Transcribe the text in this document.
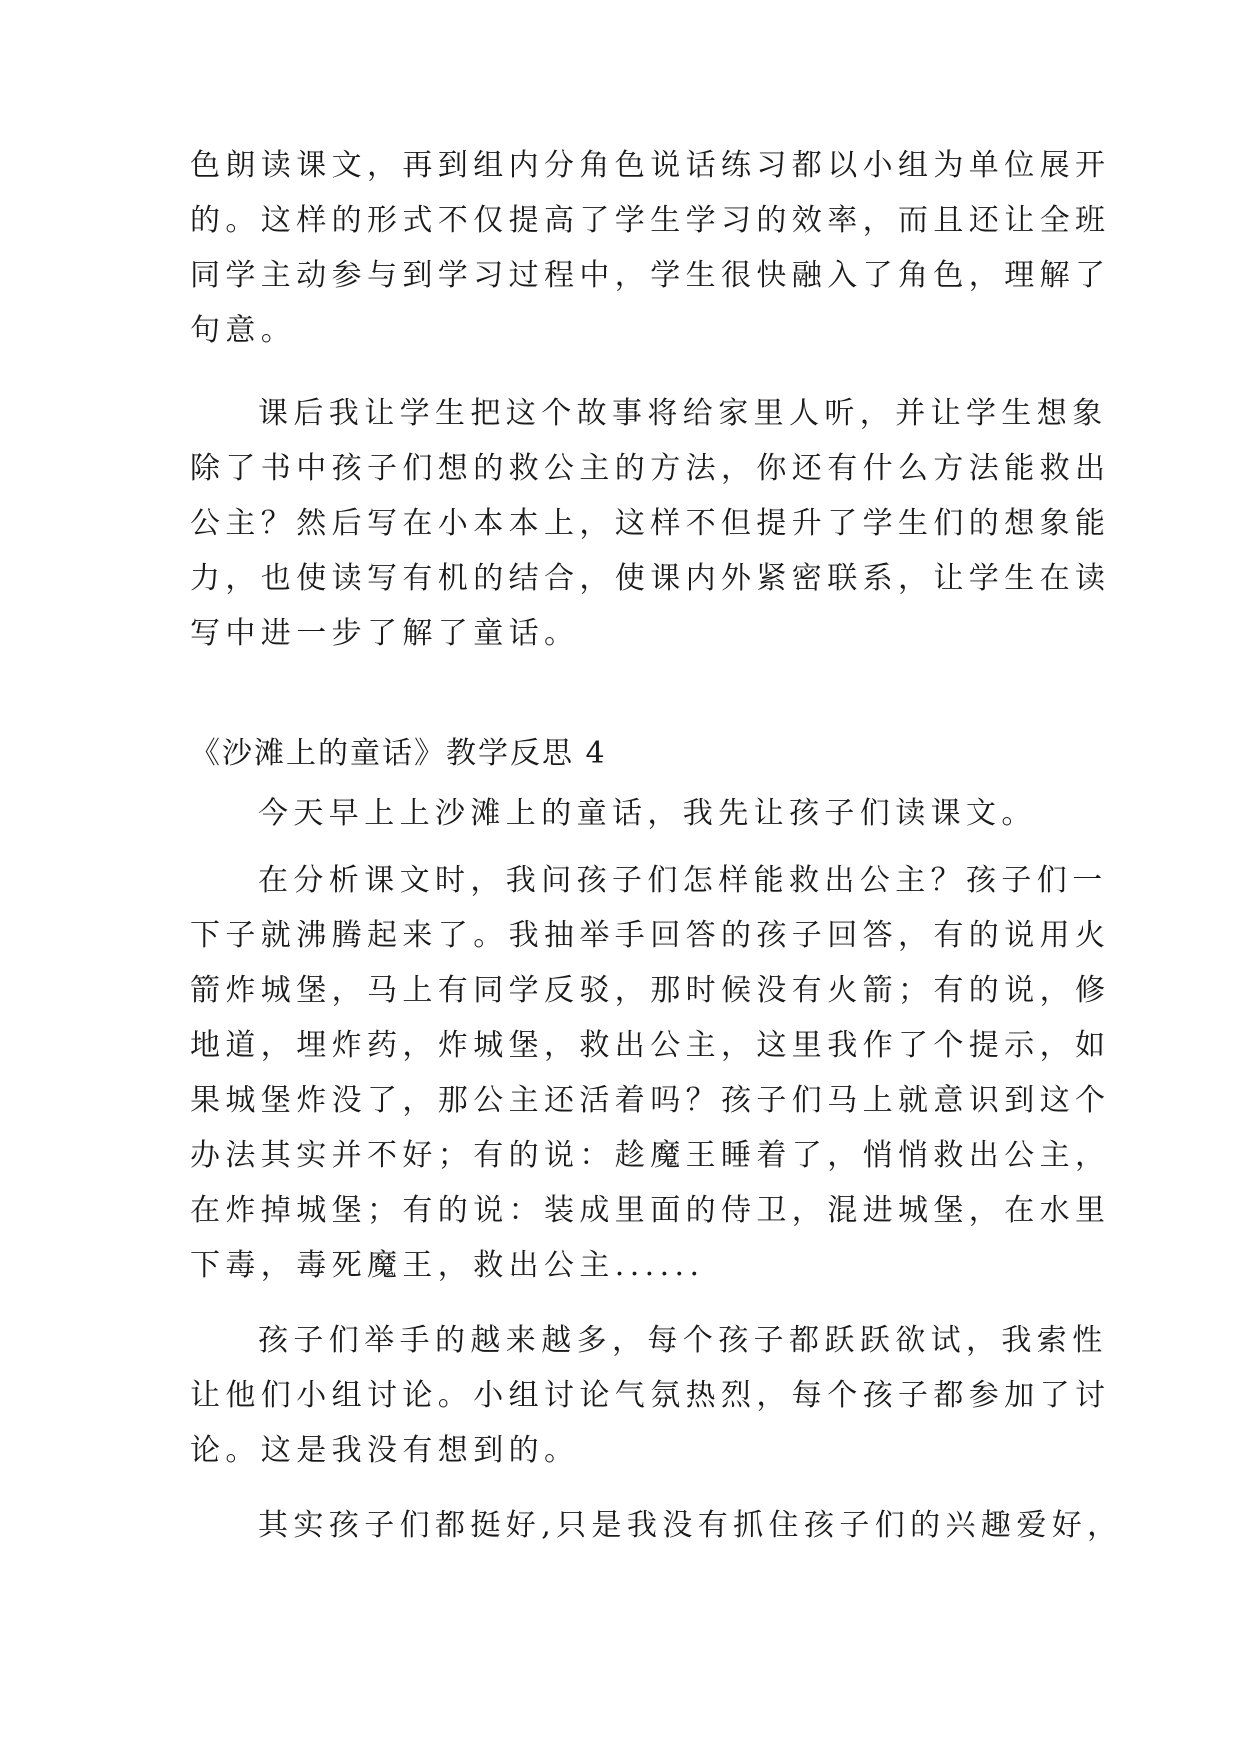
色朗读课文，再到组内分角色说话练习都以小组为单位展开

的。这样的形式不仅提高了学生学习的效率，而且还让全班

同学主动参与到学习过程中，学生很快融入了角色，理解了

句意。

课后我让学生把这个故事将给家里人听，并让学生想象

除了书中孩子们想的救公主的方法，你还有什么方法能救出

公主？然后写在小本本上，这样不但提升了学生们的想象能

力，也使读写有机的结合，使课内外紧密联系，让学生在读

写中进一步了解了童话。

《沙滩上的童话》教学反思 4

今天早上上沙滩上的童话，我先让孩子们读课文。

在分析课文时，我问孩子们怎样能救出公主？孩子们一

下子就沸腾起来了。我抽举手回答的孩子回答，有的说用火

箭炸城堡，马上有同学反驳，那时候没有火箭；有的说，修

地道，埋炸药，炸城堡，救出公主，这里我作了个提示，如

果城堡炸没了，那公主还活着吗？孩子们马上就意识到这个

办法其实并不好；有的说：趁魔王睡着了，悄悄救出公主，

在炸掉城堡；有的说：装成里面的侍卫，混进城堡，在水里

下毒，毒死魔王，救出公主......

孩子们举手的越来越多，每个孩子都跃跃欲试，我索性

让他们小组讨论。小组讨论气氛热烈，每个孩子都参加了讨

论。这是我没有想到的。

其实孩子们都挺好,只是我没有抓住孩子们的兴趣爱好，
